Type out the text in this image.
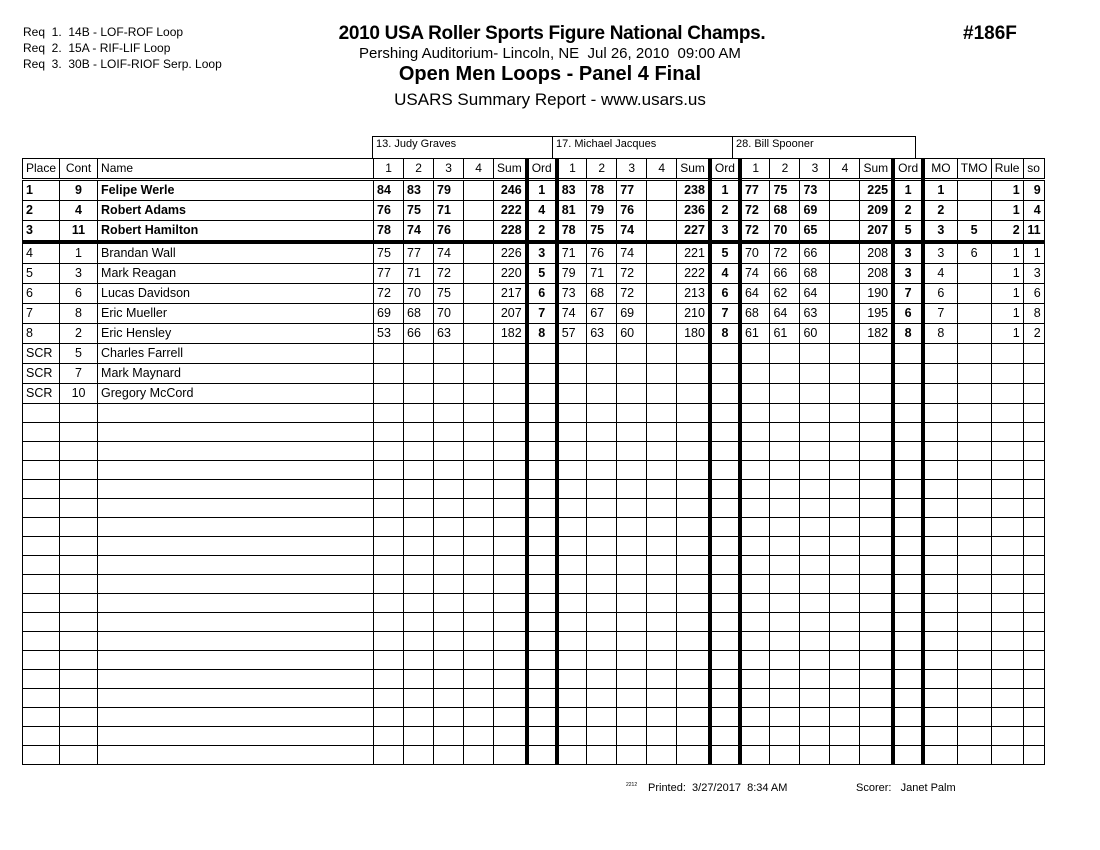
Req  1.  14B - LOF-ROF Loop
Req  2.  15A - RIF-LIF Loop
Req  3.  30B - LOIF-RIOF Serp. Loop
2010 USA Roller Sports Figure National Champs.
Pershing Auditorium- Lincoln, NE  Jul 26, 2010  09:00 AM
Open Men Loops - Panel 4 Final
USARS Summary Report - www.usars.us
#186F
13. Judy Graves	17. Michael Jacques	28. Bill Spooner
Place	Cont	Name	1	2	3	4	Sum	Ord	1	2	3	4	Sum	Ord	1	2	3	4	Sum	Ord	MO	TMO	Rule	so
1	9	Felipe Werle	84	83	79		246	1	83	78	77		238	1	77	75	73		225	1	1		1	9
2	4	Robert Adams	76	75	71		222	4	81	79	76		236	2	72	68	69		209	2	2		1	4
3	11	Robert Hamilton	78	74	76		228	2	78	75	74		227	3	72	70	65		207	5	3	5	2	11
4	1	Brandan Wall	75	77	74		226	3	71	76	74		221	5	70	72	66		208	3	3	6	1	1
5	3	Mark Reagan	77	71	72		220	5	79	71	72		222	4	74	66	68		208	3	4		1	3
6	6	Lucas Davidson	72	70	75		217	6	73	68	72		213	6	64	62	64		190	7	6		1	6
7	8	Eric Mueller	69	68	70		207	7	74	67	69		210	7	68	64	63		195	6	7		1	8
8	2	Eric Hensley	53	66	63		182	8	57	63	60		180	8	61	61	60		182	8	8		1	2
SCR	5	Charles Farrell																						
SCR	7	Mark Maynard																						
SCR	10	Gregory McCord																						

2212 Printed:  3/27/2017  8:34 AM	Scorer:   Janet Palm
